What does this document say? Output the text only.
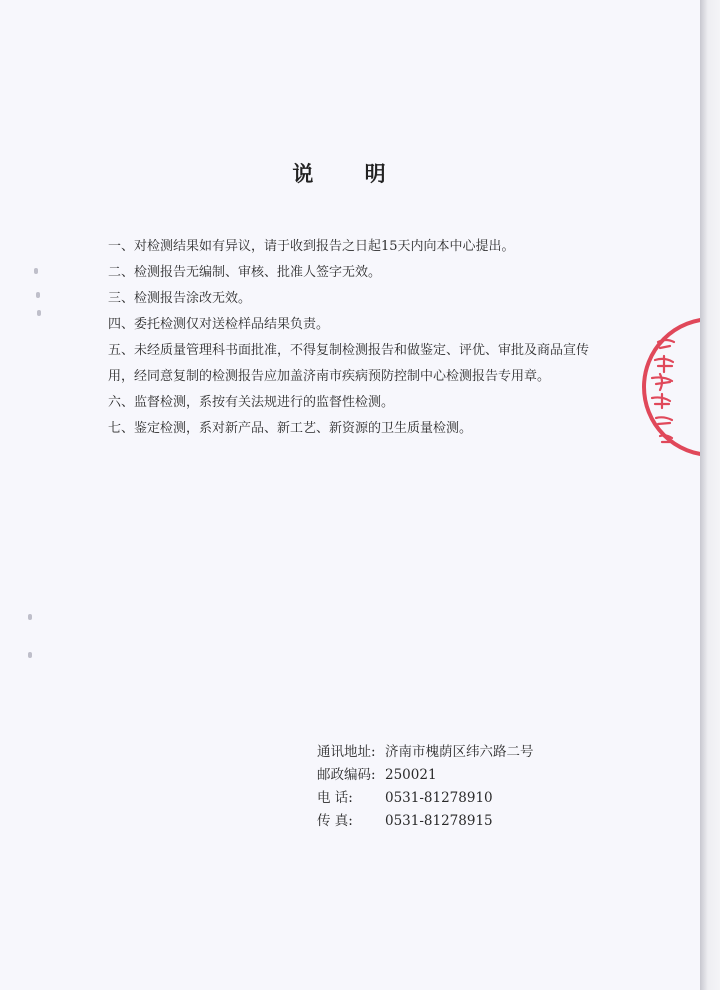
说 明
一、对检测结果如有异议，请于收到报告之日起15天内向本中心提出。
二、检测报告无编制、审核、批准人签字无效。
三、检测报告涂改无效。
四、委托检测仅对送检样品结果负责。
五、未经质量管理科书面批准，不得复制检测报告和做鉴定、评优、审批及商品宣传
用，经同意复制的检测报告应加盖济南市疾病预防控制中心检测报告专用章。
六、监督检测，系按有关法规进行的监督性检测。
七、鉴定检测，系对新产品、新工艺、新资源的卫生质量检测。
通讯地址: 济南市槐荫区纬六路二号
邮政编码: 250021
电 话:	0531-81278910
传 真:	0531-81278915
